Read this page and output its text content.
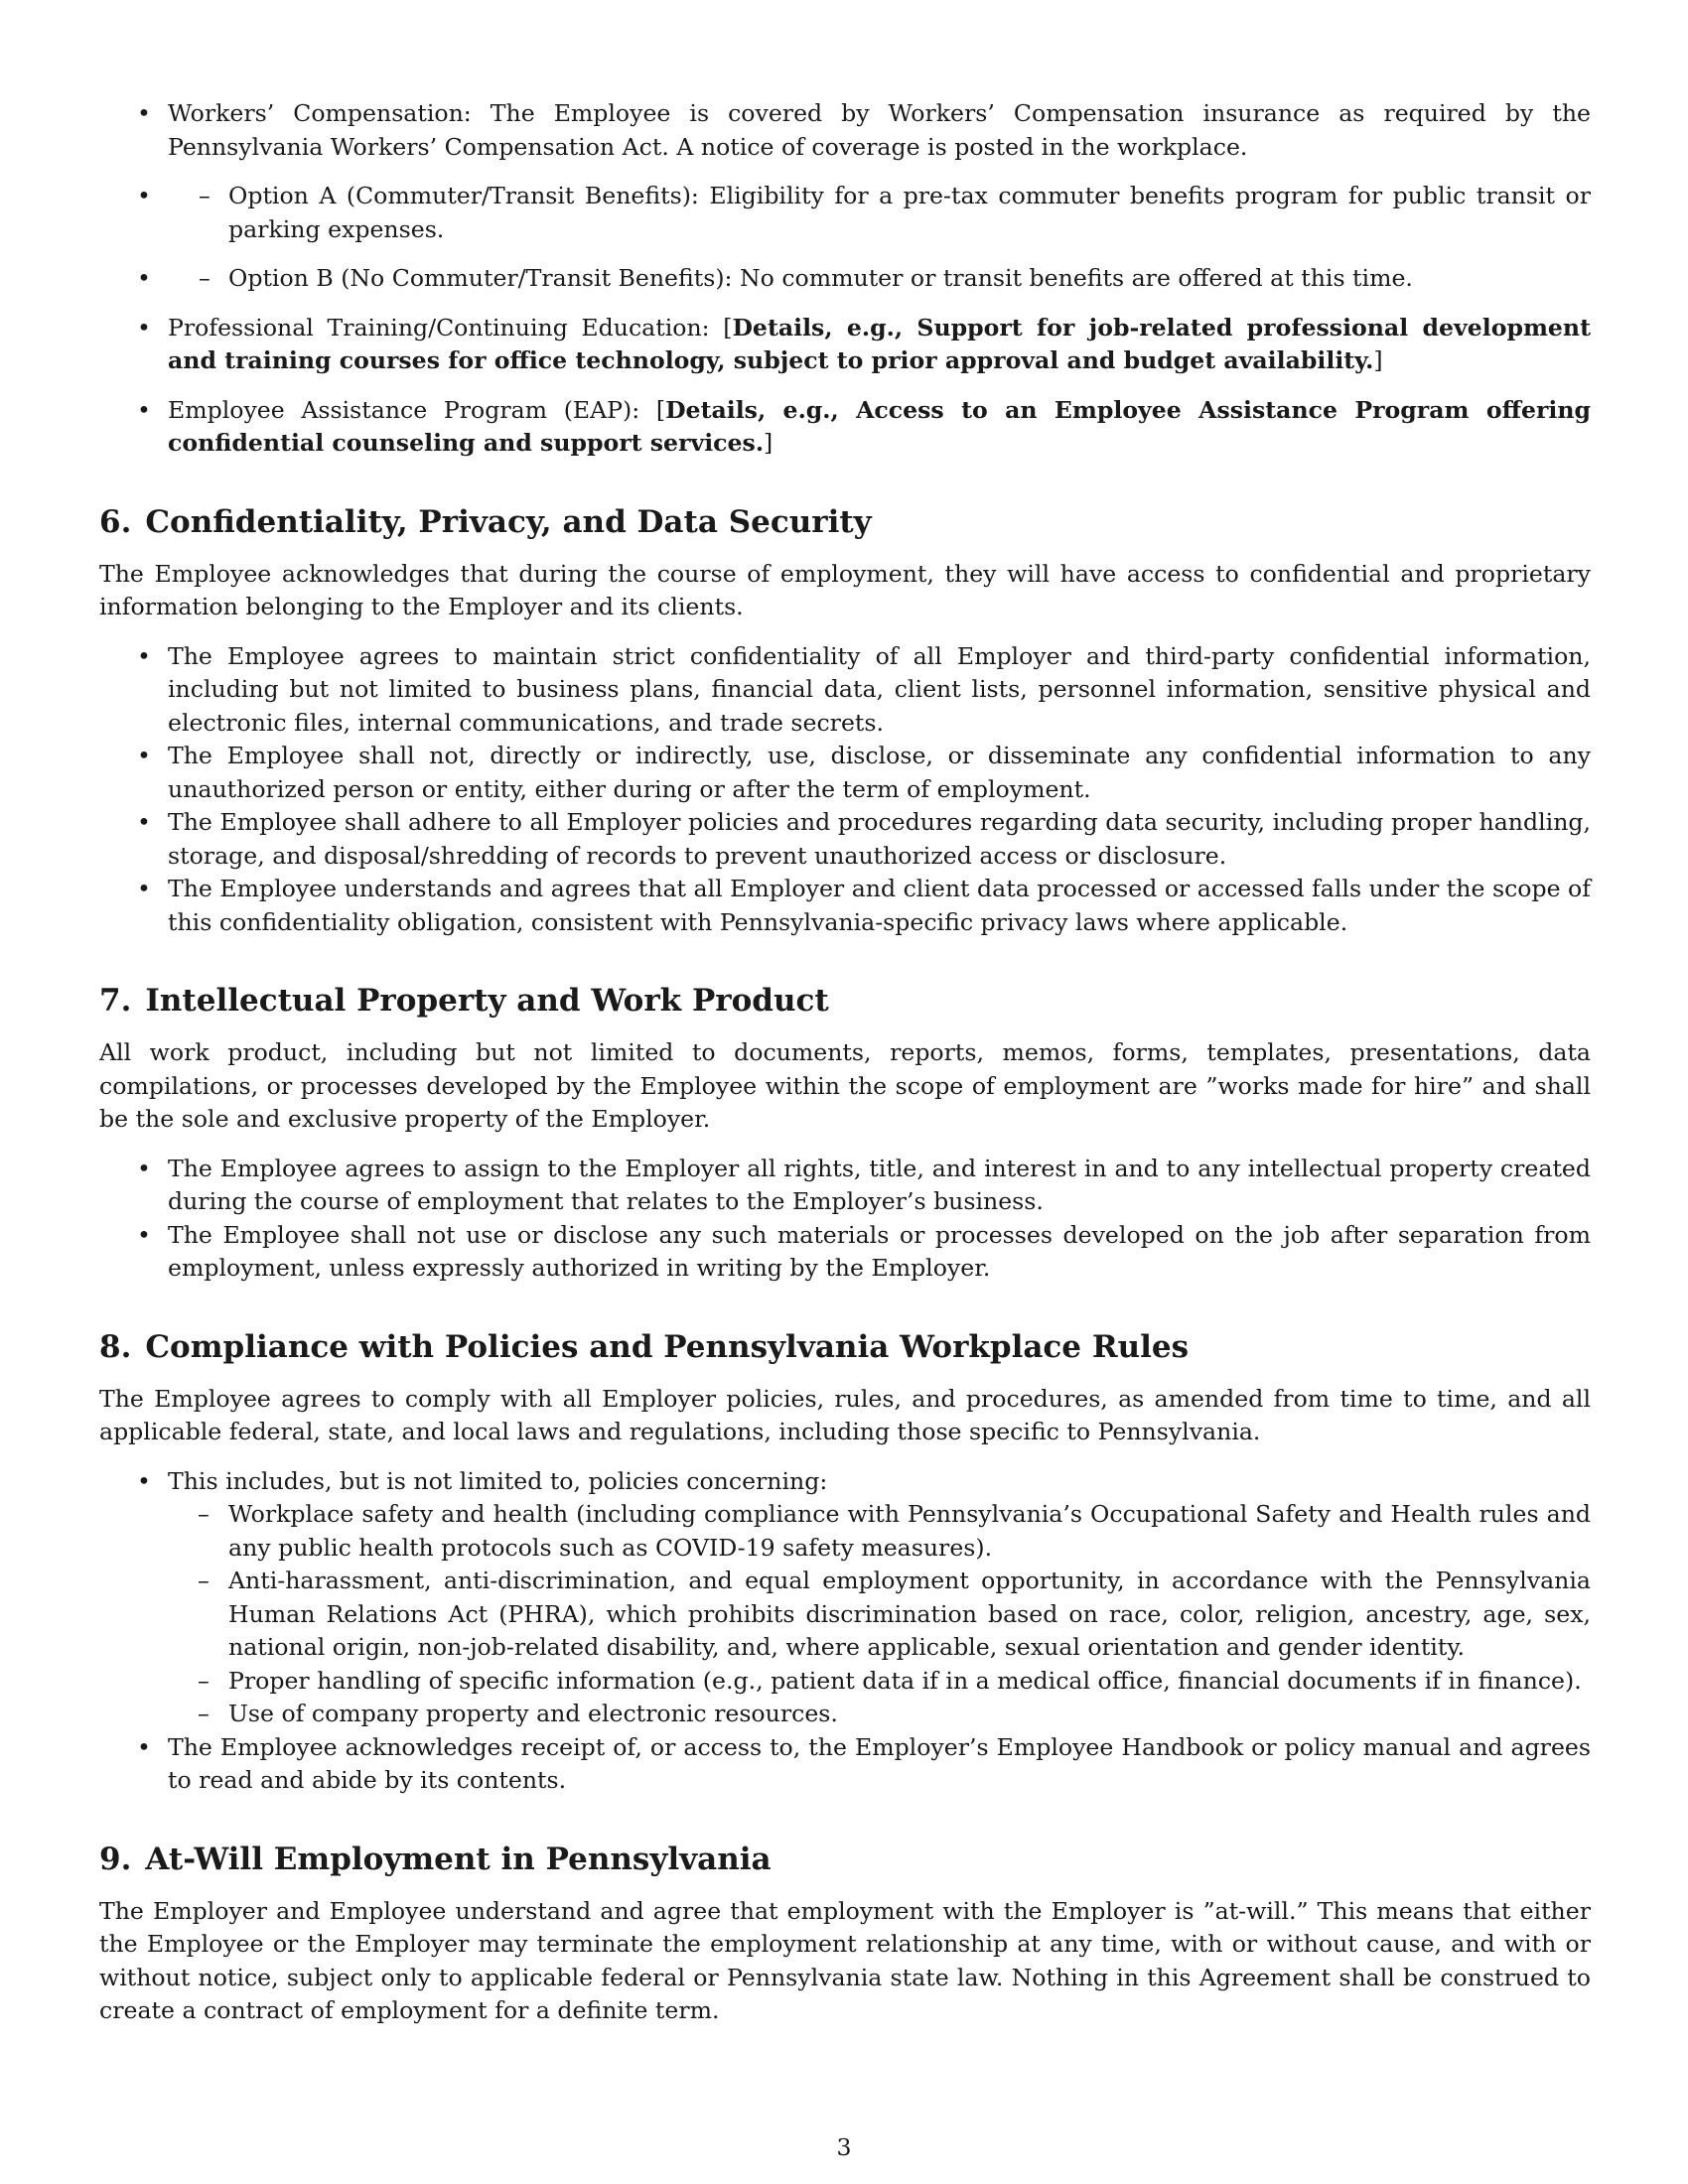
• Workers’ Compensation: The Employee is covered by Workers’ Compensation insurance as required by the Pennsylvania Workers’ Compensation Act. A notice of coverage is posted in the workplace.
• Option A (Commuter/Transit Benefits): Eligibility for a pre-tax commuter benefits program for public transit or parking expenses. –
• Option B (No Commuter/Transit Benefits): No commuter or transit benefits are offered at this time. –
• Professional Training/Continuing Education: [Details, e.g., Support for job-related professional development and training courses for office technology, subject to prior approval and budget availability.]
• Employee Assistance Program (EAP): [Details, e.g., Access to an Employee Assistance Program offering confidential counseling and support services.]
6. Confidentiality, Privacy, and Data Security

The Employee acknowledges that during the course of employment, they will have access to confidential and proprietary information belonging to the Employer and its clients.

• The Employee agrees to maintain strict confidentiality of all Employer and third-party confidential information, including but not limited to business plans, financial data, client lists, personnel information, sensitive physical and electronic files, internal communications, and trade secrets.
• The Employee shall not, directly or indirectly, use, disclose, or disseminate any confidential information to any unauthorized person or entity, either during or after the term of employment.
• The Employee shall adhere to all Employer policies and procedures regarding data security, including proper handling, storage, and disposal/shredding of records to prevent unauthorized access or disclosure.
• The Employee understands and agrees that all Employer and client data processed or accessed falls under the scope of this confidentiality obligation, consistent with Pennsylvania-specific privacy laws where applicable.
7. Intellectual Property and Work Product

All work product, including but not limited to documents, reports, memos, forms, templates, presentations, data compilations, or processes developed by the Employee within the scope of employment are ”works made for hire” and shall be the sole and exclusive property of the Employer.

• The Employee agrees to assign to the Employer all rights, title, and interest in and to any intellectual property created during the course of employment that relates to the Employer’s business.
• The Employee shall not use or disclose any such materials or processes developed on the job after separation from employment, unless expressly authorized in writing by the Employer.
8. Compliance with Policies and Pennsylvania Workplace Rules

The Employee agrees to comply with all Employer policies, rules, and procedures, as amended from time to time, and all applicable federal, state, and local laws and regulations, including those specific to Pennsylvania.

• This includes, but is not limited to, policies concerning:
– Workplace safety and health (including compliance with Pennsylvania’s Occupational Safety and Health rules and any public health protocols such as COVID-19 safety measures).
– Anti-harassment, anti-discrimination, and equal employment opportunity, in accordance with the Pennsylvania Human Relations Act (PHRA), which prohibits discrimination based on race, color, religion, ancestry, age, sex, national origin, non-job-related disability, and, where applicable, sexual orientation and gender identity.
– Proper handling of specific information (e.g., patient data if in a medical office, financial documents if in finance).
– Use of company property and electronic resources.
• The Employee acknowledges receipt of, or access to, the Employer’s Employee Handbook or policy manual and agrees to read and abide by its contents.
9. At-Will Employment in Pennsylvania

The Employer and Employee understand and agree that employment with the Employer is ”at-will.” This means that either the Employee or the Employer may terminate the employment relationship at any time, with or without cause, and with or without notice, subject only to applicable federal or Pennsylvania state law. Nothing in this Agreement shall be construed to create a contract of employment for a definite term.

3
